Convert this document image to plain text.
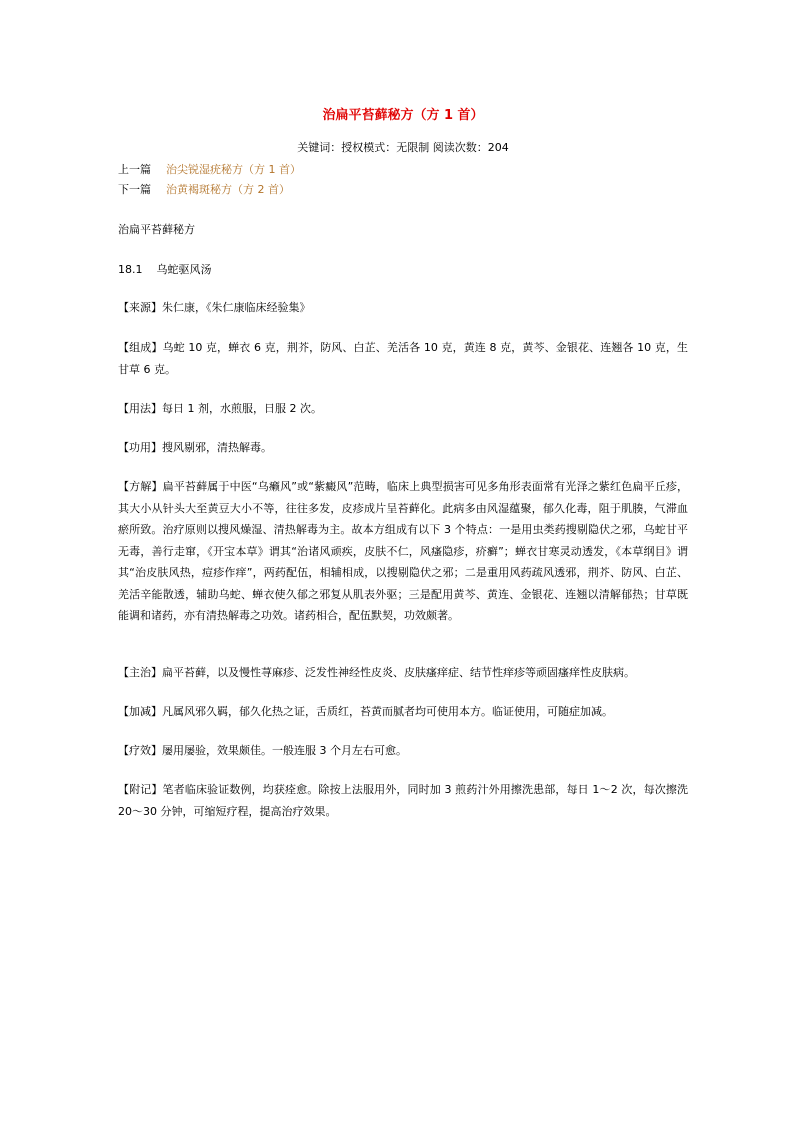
治扁平苔藓秘方（方 1 首）
关键词：授权模式：无限制 阅读次数：204
上一篇 治尖锐湿疣秘方（方 1 首）
下一篇 治黄褐斑秘方（方 2 首）
治扁平苔藓秘方
18.1    乌蛇驱风汤
【来源】朱仁康，《朱仁康临床经验集》
【组成】乌蛇 10 克，蝉衣 6 克，荆芥，防风、白芷、羌活各 10 克，黄连 8 克，黄芩、金银花、连翘各 10 克，生甘草 6 克。
【用法】每日 1 剂，水煎服，日服 2 次。
【功用】搜风剔邪，清热解毒。
【方解】扁平苔藓属于中医“乌癞风”或“紫癜风”范畴，临床上典型损害可见多角形表面常有光泽之紫红色扁平丘疹，其大小从针头大至黄豆大小不等，往往多发，皮疹成片呈苔藓化。此病多由风湿蕴聚，郁久化毒，阻于肌腠，气滞血瘀所致。治疗原则以搜风燥湿、清热解毒为主。故本方组成有以下 3 个特点：一是用虫类药搜剔隐伏之邪，乌蛇甘平无毒，善行走窜，《开宝本草》谓其“治诸风顽疾，皮肤不仁，风瘙隐疹，疥癣”；蝉衣甘寒灵动透发，《本草纲目》谓其“治皮肤风热，痘疹作痒”，两药配伍，相辅相成，以搜剔隐伏之邪；二是重用风药疏风透邪，荆芥、防风、白芷、羌活辛能散透，辅助乌蛇、蝉衣使久郁之邪复从肌表外驱；三是配用黄芩、黄连、金银花、连翘以清解郁热；甘草既能调和诸药，亦有清热解毒之功效。诸药相合，配伍默契，功效颇著。
【主治】扁平苔藓，以及慢性荨麻疹、泛发性神经性皮炎、皮肤瘙痒症、结节性痒疹等顽固瘙痒性皮肤病。
【加减】凡属风邪久羁，郁久化热之证，舌质红，苔黄而腻者均可使用本方。临证使用，可随症加减。
【疗效】屡用屡验，效果颇佳。一般连服 3 个月左右可愈。
【附记】笔者临床验证数例，均获痊愈。除按上法服用外，同时加 3 煎药汁外用擦洗患部，每日 1～2 次，每次擦洗 20～30 分钟，可缩短疗程，提高治疗效果。
